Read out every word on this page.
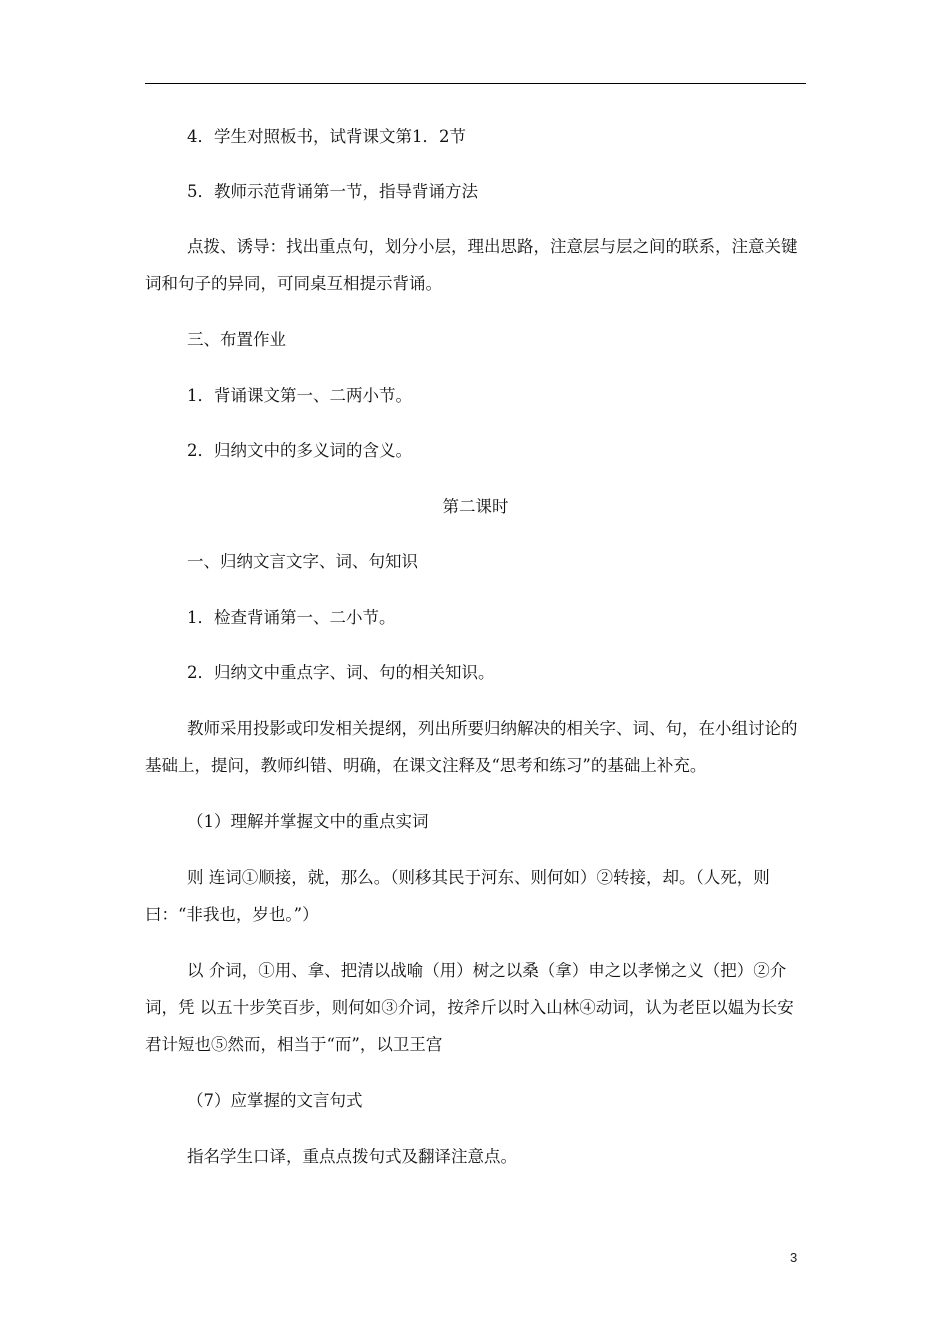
4．学生对照板书，试背课文第1．2节
5．教师示范背诵第一节，指导背诵方法
点拨、诱导：找出重点句，划分小层，理出思路，注意层与层之间的联系，注意关键
词和句子的异同，可同桌互相提示背诵。
三、布置作业
1．背诵课文第一、二两小节。
2．归纳文中的多义词的含义。
第二课时
一、归纳文言文字、词、句知识
1．检查背诵第一、二小节。
2．归纳文中重点字、词、句的相关知识。
教师采用投影或印发相关提纲，列出所要归纳解决的相关字、词、句，在小组讨论的
基础上，提问，教师纠错、明确，在课文注释及“思考和练习”的基础上补充。
（1）理解并掌握文中的重点实词
则 连词①顺接，就，那么。（则移其民于河东、则何如）②转接，却。（人死，则
曰：“非我也，岁也。”）
以 介词，①用、拿、把清以战喻（用）树之以桑（拿）申之以孝悌之义（把）②介
词，凭 以五十步笑百步，则何如③介词，按斧斤以时入山林④动词，认为老臣以媪为长安
君计短也⑤然而，相当于“而”，以卫王宫
（7）应掌握的文言句式
指名学生口译，重点点拨句式及翻译注意点。
3
